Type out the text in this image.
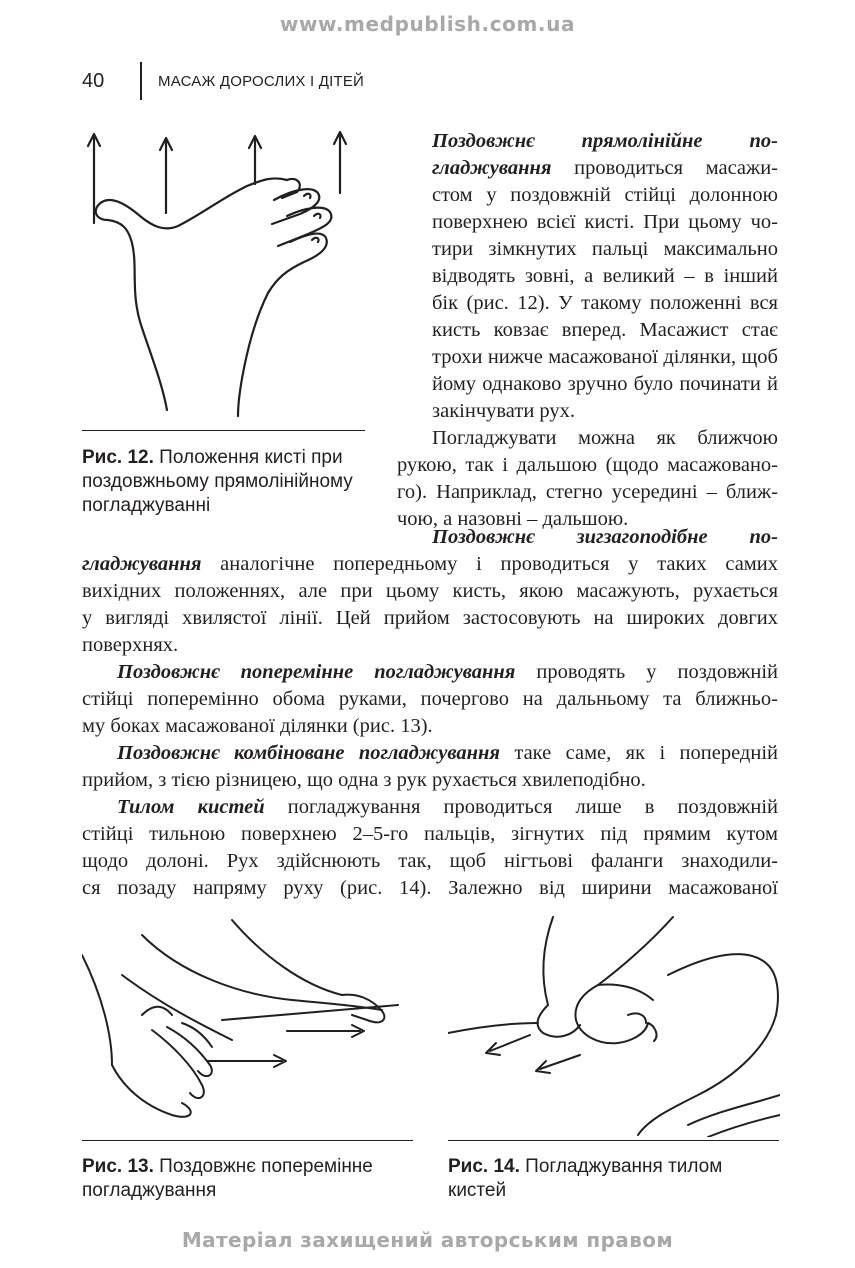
www.medpublish.com.ua
40	МАСАЖ ДОРОСЛИХ І ДІТЕЙ
Рис. 12. Положення кисті при
поздовжньому прямолінійному
погладжуванні
Поздовжнє прямолінійне по-
гладжування проводиться масажи-
стом у поздовжній стійці долонною
поверхнею всієї кисті. При цьому чо-
тири зімкнутих пальці максимально
відводять зовні, а великий – в інший
бік (рис. 12). У такому положенні вся
кисть ковзає вперед. Масажист стає
трохи нижче масажованої ділянки, щоб
йому однаково зручно було починати й
закінчувати рух.
Погладжувати можна як ближчою
рукою, так і дальшою (щодо масажовано-
го). Наприклад, стегно усередині – ближ-
чою, а назовні – дальшою.
Поздовжнє зигзагоподібне по-
гладжування аналогічне попередньому і проводиться у таких самих
вихідних положеннях, але при цьому кисть, якою масажують, рухається
у вигляді хвилястої лінії. Цей прийом застосовують на широких довгих
поверхнях.
Поздовжнє поперемінне погладжування проводять у поздовжній
стійці поперемінно обома руками, почергово на дальньому та ближньо-
му боках масажованої ділянки (рис. 13).
Поздовжнє комбіноване погладжування таке саме, як і попередній
прийом, з тією різницею, що одна з рук рухається хвилеподібно.
Тилом кистей погладжування проводиться лише в поздовжній
стійці тильною поверхнею 2–5-го пальців, зігнутих під прямим кутом
щодо долоні. Рух здійснюють так, щоб нігтьові фаланги знаходили-
ся позаду напряму руху (рис. 14). Залежно від ширини масажованої
Рис. 13. Поздовжнє поперемінне
погладжування
Рис. 14. Погладжування тилом
кистей
Матеріал захищений авторським правом
